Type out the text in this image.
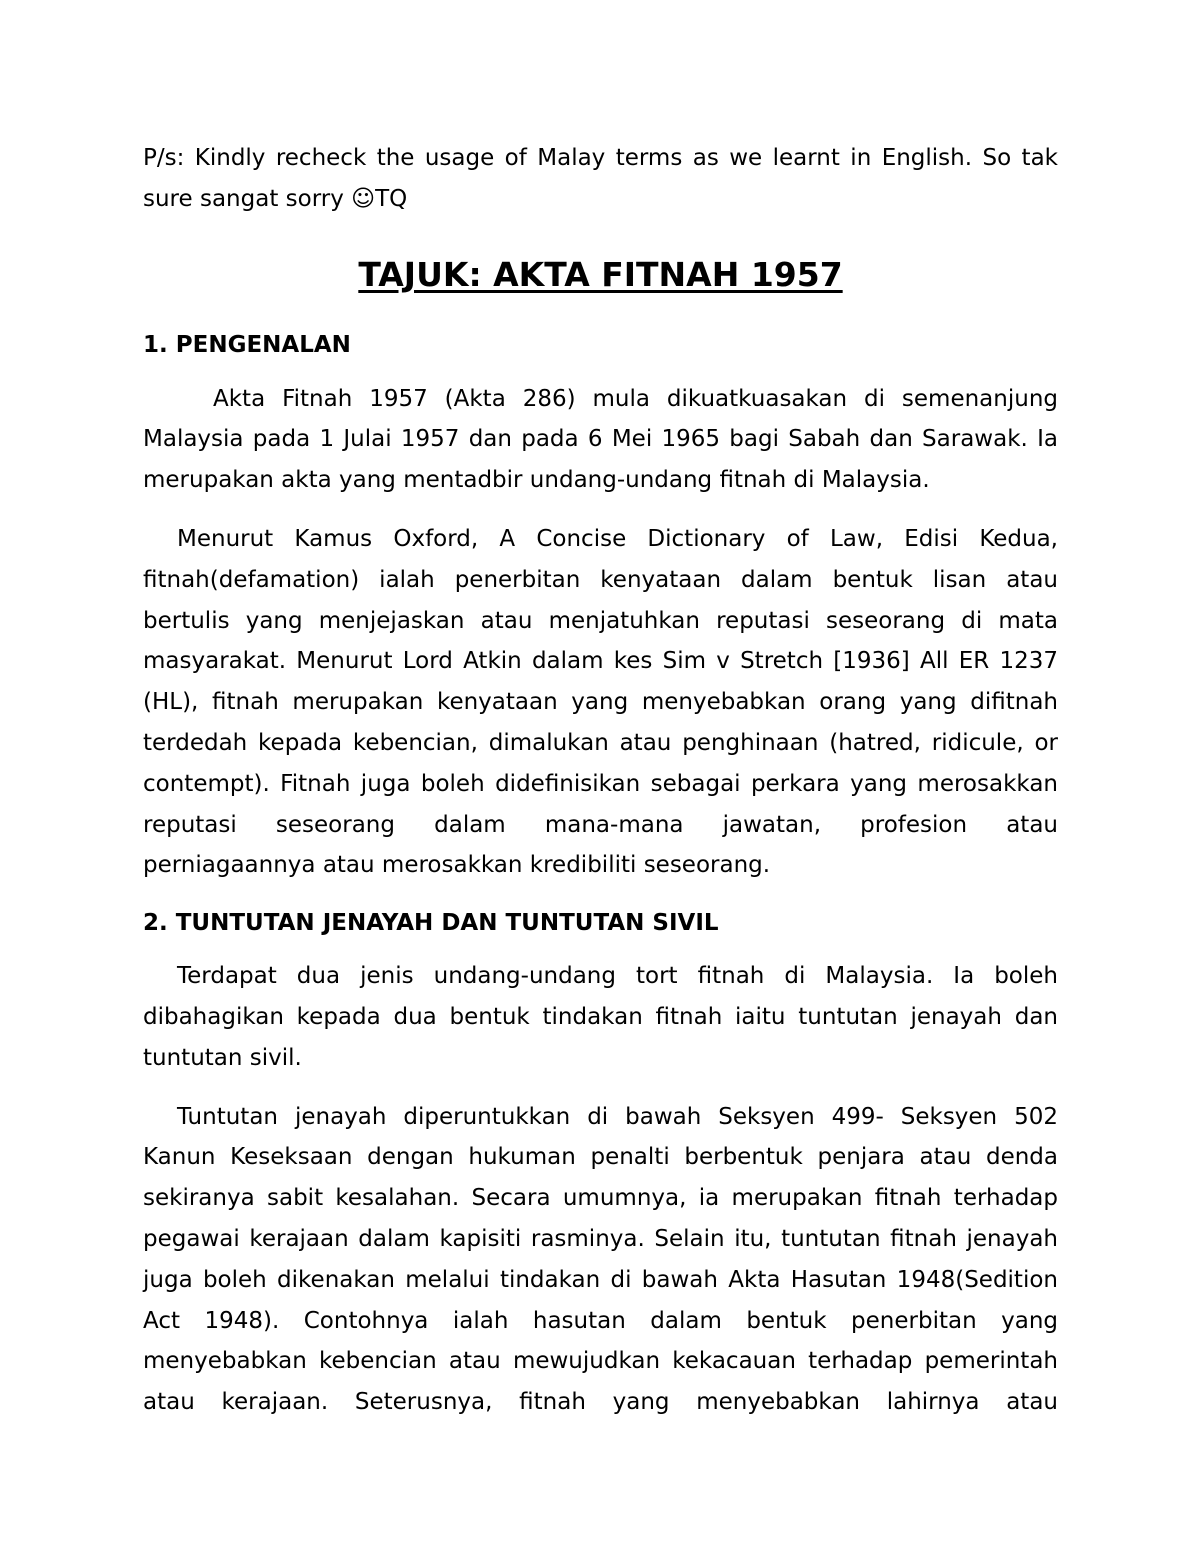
P/s: Kindly recheck the usage of Malay terms as we learnt in English. So tak
sure sangat sorry ☺TQ
TAJUK: AKTA FITNAH 1957
1. PENGENALAN
Akta Fitnah 1957 (Akta 286) mula dikuatkuasakan di semenanjung
Malaysia pada 1 Julai 1957 dan pada 6 Mei 1965 bagi Sabah dan Sarawak. Ia
merupakan akta yang mentadbir undang-undang fitnah di Malaysia.
Menurut Kamus Oxford, A Concise Dictionary of Law, Edisi Kedua,
fitnah(defamation) ialah penerbitan kenyataan dalam bentuk lisan atau
bertulis yang menjejaskan atau menjatuhkan reputasi seseorang di mata
masyarakat. Menurut Lord Atkin dalam kes Sim v Stretch [1936] All ER 1237
(HL), fitnah merupakan kenyataan yang menyebabkan orang yang difitnah
terdedah kepada kebencian, dimalukan atau penghinaan (hatred, ridicule, or
contempt). Fitnah juga boleh didefinisikan sebagai perkara yang merosakkan
reputasi seseorang dalam mana-mana jawatan, profesion atau
perniagaannya atau merosakkan kredibiliti seseorang.
2. TUNTUTAN JENAYAH DAN TUNTUTAN SIVIL
Terdapat dua jenis undang-undang tort fitnah di Malaysia. Ia boleh
dibahagikan kepada dua bentuk tindakan fitnah iaitu tuntutan jenayah dan
tuntutan sivil.
Tuntutan jenayah diperuntukkan di bawah Seksyen 499- Seksyen 502
Kanun Keseksaan dengan hukuman penalti berbentuk penjara atau denda
sekiranya sabit kesalahan. Secara umumnya, ia merupakan fitnah terhadap
pegawai kerajaan dalam kapisiti rasminya. Selain itu, tuntutan fitnah jenayah
juga boleh dikenakan melalui tindakan di bawah Akta Hasutan 1948(Sedition
Act 1948). Contohnya ialah hasutan dalam bentuk penerbitan yang
menyebabkan kebencian atau mewujudkan kekacauan terhadap pemerintah
atau kerajaan. Seterusnya, fitnah yang menyebabkan lahirnya atau
